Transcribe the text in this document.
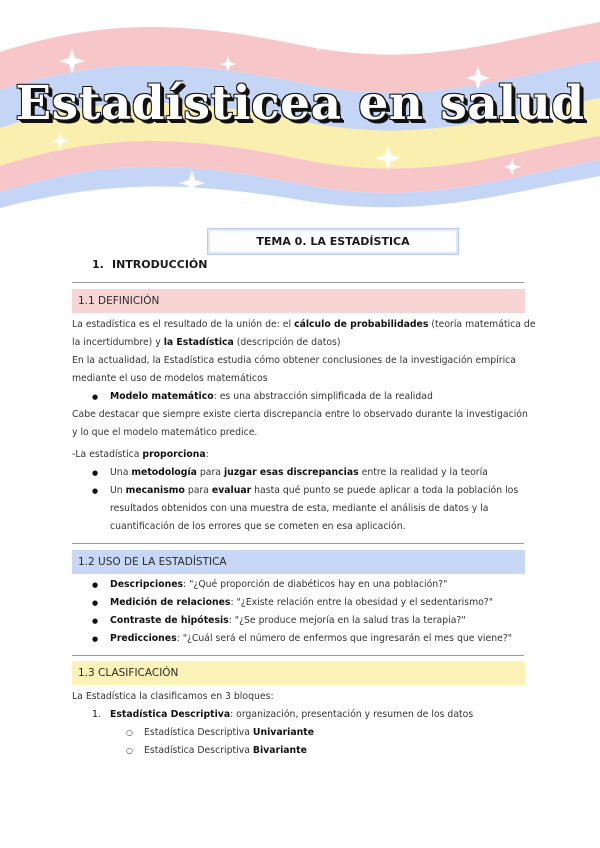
Estadísticea en salud
TEMA 0. LA ESTADÍSTICA
1. INTRODUCCIÓN
1.1 DEFINICIÓN
La estadística es el resultado de la unión de: el cálculo de probabilidades (teoría matemática de la incertidumbre) y la Estadística (descripción de datos)
En la actualidad, la Estadística estudia cómo obtener conclusiones de la investigación empírica mediante el uso de modelos matemáticos
● Modelo matemático: es una abstracción simplificada de la realidad
Cabe destacar que siempre existe cierta discrepancia entre lo observado durante la investigación y lo que el modelo matemático predice.
-La estadística proporciona:
● Una metodología para juzgar esas discrepancias entre la realidad y la teoría
● Un mecanismo para evaluar hasta qué punto se puede aplicar a toda la población los resultados obtenidos con una muestra de esta, mediante el análisis de datos y la cuantificación de los errores que se cometen en esa aplicación.
1.2 USO DE LA ESTADÍSTICA
● Descripciones: "¿Qué proporción de diabéticos hay en una población?"
● Medición de relaciones: "¿Existe relación entre la obesidad y el sedentarismo?"
● Contraste de hipótesis: "¿Se produce mejoría en la salud tras la terapia?"
● Predicciones: "¿Cuál será el número de enfermos que ingresarán el mes que viene?"
1.3 CLASIFICACIÓN
La Estadística la clasificamos en 3 bloques:
1. Estadística Descriptiva: organización, presentación y resumen de los datos
○ Estadística Descriptiva Univariante
○ Estadística Descriptiva Bivariante
